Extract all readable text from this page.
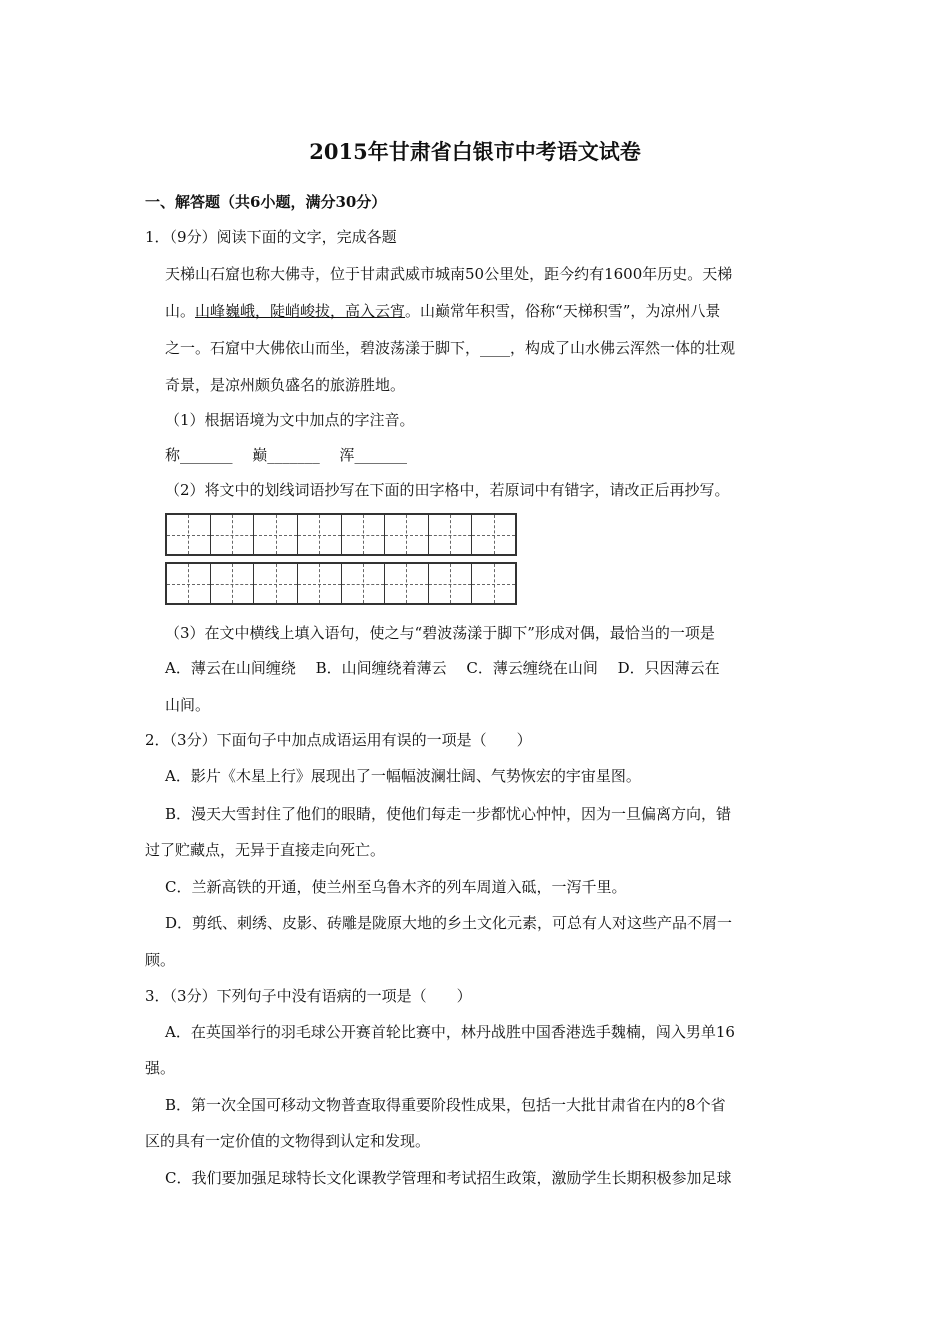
2015年甘肃省白银市中考语文试卷
一、解答题（共6小题，满分30分）
1．（9分）阅读下面的文字，完成各题
天梯山石窟也称大佛寺，位于甘肃武威市城南50公里处，距今约有1600年历史。天梯
山。山峰巍峨，陡峭峻拔，高入云宵。山巅常年积雪，俗称“天梯积雪”，为凉州八景
之一。石窟中大佛依山而坐，碧波荡漾于脚下，____，构成了山水佛云浑然一体的壮观
奇景，是凉州颇负盛名的旅游胜地。
（1）根据语境为文中加点的字注音。
称_______　 巅_______　 浑_______
（2）将文中的划线词语抄写在下面的田字格中，若原词中有错字，请改正后再抄写。
（3）在文中横线上填入语句，使之与“碧波荡漾于脚下”形成对偶，最恰当的一项是
A．薄云在山间缠绕　 B．山间缠绕着薄云　 C．薄云缠绕在山间　 D．只因薄云在
山间。
2．（3分）下面句子中加点成语运用有误的一项是（　　）
A．影片《木星上行》展现出了一幅幅波澜壮阔、气势恢宏的宇宙星图。
B．漫天大雪封住了他们的眼睛，使他们每走一步都忧心忡忡，因为一旦偏离方向，错
过了贮藏点，无异于直接走向死亡。
C．兰新高铁的开通，使兰州至乌鲁木齐的列车周道入砥，一泻千里。
D．剪纸、刺绣、皮影、砖雕是陇原大地的乡土文化元素，可总有人对这些产品不屑一
顾。
3．（3分）下列句子中没有语病的一项是（　　）
A．在英国举行的羽毛球公开赛首轮比赛中，林丹战胜中国香港选手魏楠，闯入男单16
强。
B．第一次全国可移动文物普查取得重要阶段性成果，包括一大批甘肃省在内的8个省
区的具有一定价值的文物得到认定和发现。
C．我们要加强足球特长文化课教学管理和考试招生政策，激励学生长期积极参加足球
